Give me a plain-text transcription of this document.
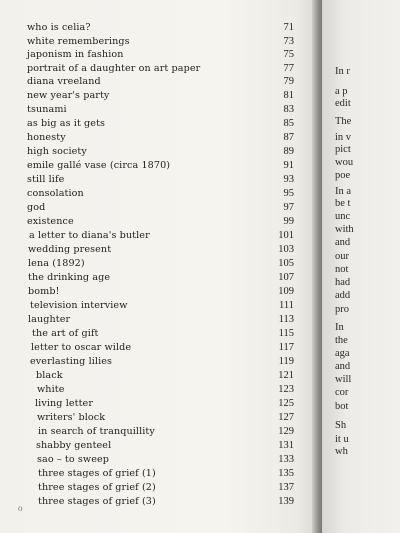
In r
a p
edit
The
in v
pict
wou
poe
In a
be t
unc
with
and
our
not
had
add
pro
In
the
aga
and
will
cor
bot
Sh
it u
wh
who is celia?	71
white rememberings	73
japonism in fashion	75
portrait of a daughter on art paper	77
diana vreeland	79
new year's party	81
tsunami	83
as big as it gets	85
honesty	87
high society	89
emile gallé vase (circa 1870)	91
still life	93
consolation	95
god	97
existence	99
a letter to diana's butler	101
wedding present	103
lena (1892)	105
the drinking age	107
bomb!	109
television interview	111
laughter	113
the art of gift	115
letter to oscar wilde	117
everlasting lilies	119
black	121
white	123
living letter	125
writers' block	127
in search of tranquillity	129
shabby genteel	131
sao – to sweep	133
three stages of grief (1)	135
three stages of grief (2)	137
three stages of grief (3)	139
o
